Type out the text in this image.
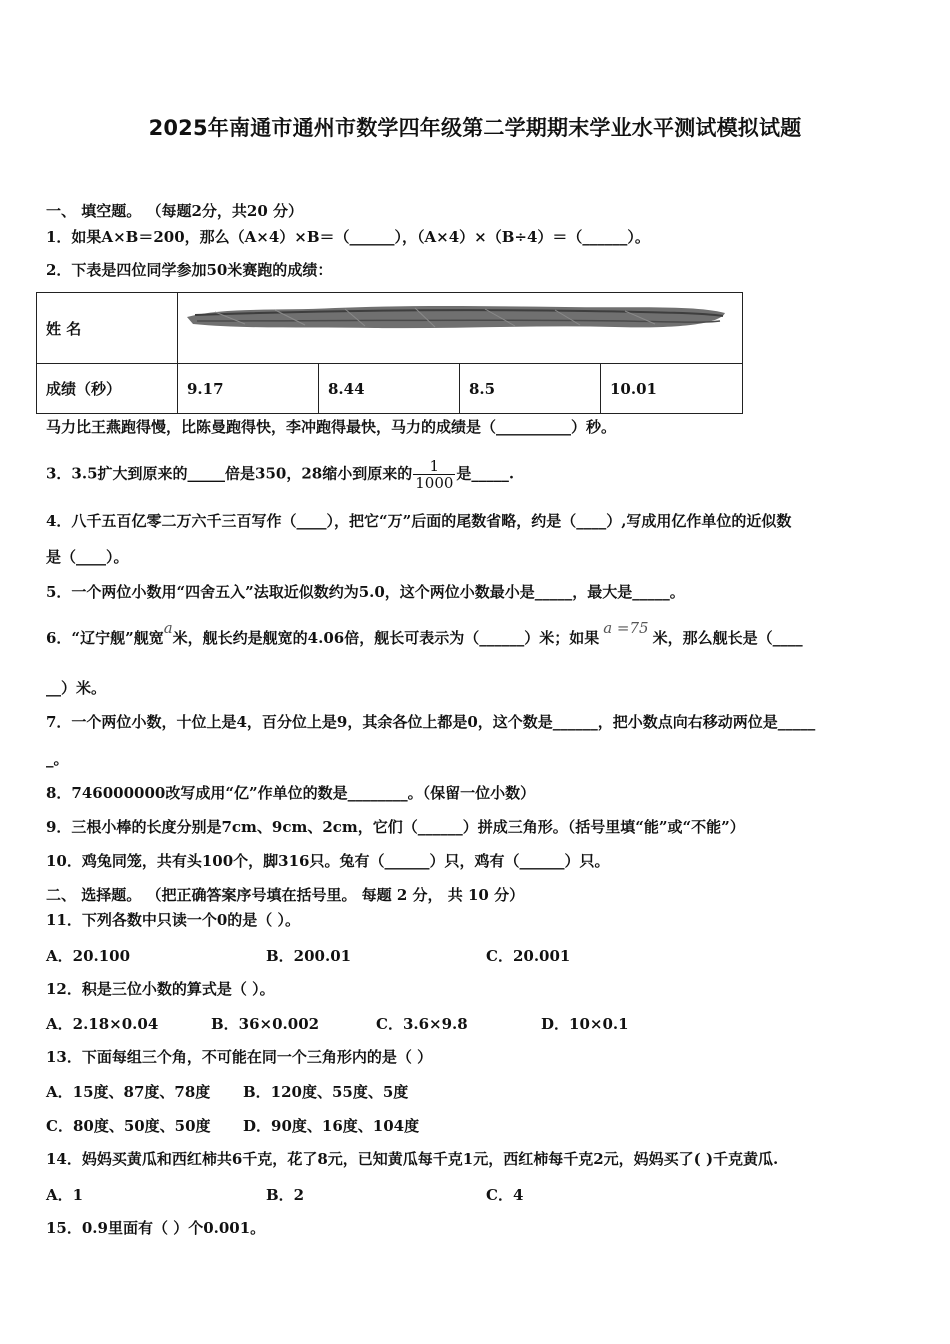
2025年南通市通州市数学四年级第二学期期末学业水平测试模拟试题
一、 填空题。 （每题2分，共20 分）
1．如果A×B＝200，那么（A×4）×B＝（______），（A×4）×（B÷4）＝（______）。
2．下表是四位同学参加50米赛跑的成绩：
姓 名				
成绩（秒）	9.17	8.44	8.5	10.01
马力比王燕跑得慢，比陈曼跑得快，李冲跑得最快，马力的成绩是（__________）秒。
3．3.5扩大到原来的_____倍是350，28缩小到原来的 $\frac{1}{1000}$ 是_____.
4．八千五百亿零二万六千三百写作（____），把它“万”后面的尾数省略，约是（____）,写成用亿作单位的近似数
是（____）。
5．一个两位小数用“四舍五入”法取近似数约为5.0，这个两位小数最小是_____，最大是_____。
6．“辽宁舰”舰宽a米，舰长约是舰宽的4.06倍，舰长可表示为（______）米；如果a =75米，那么舰长是（____
__）米。
7．一个两位小数，十位上是4，百分位上是9，其余各位上都是0，这个数是______，把小数点向右移动两位是_____
_。
8．746000000改写成用“亿”作单位的数是________。（保留一位小数）
9．三根小棒的长度分别是7cm、9cm、2cm，它们（______）拼成三角形。（括号里填“能”或“不能”）
10．鸡兔同笼，共有头100个，脚316只。兔有（______）只，鸡有（______）只。
二、 选择题。 （把正确答案序号填在括号里。 每题 2 分， 共 10 分）
11．下列各数中只读一个0的是（ ）。
A．20.100	B．200.01	C．20.001
12．积是三位小数的算式是（ ）。
A．2.18×0.04	B．36×0.002	C．3.6×9.8	D．10×0.1
13．下面每组三个角，不可能在同一个三角形内的是（ ）
A．15度、87度、78度 B．120度、55度、5度
C．80度、50度、50度 D．90度、16度、104度
14．妈妈买黄瓜和西红柿共6千克，花了8元，已知黄瓜每千克1元，西红柿每千克2元，妈妈买了( )千克黄瓜.
A．1	B．2	C．4
15．0.9里面有（ ）个0.001。
